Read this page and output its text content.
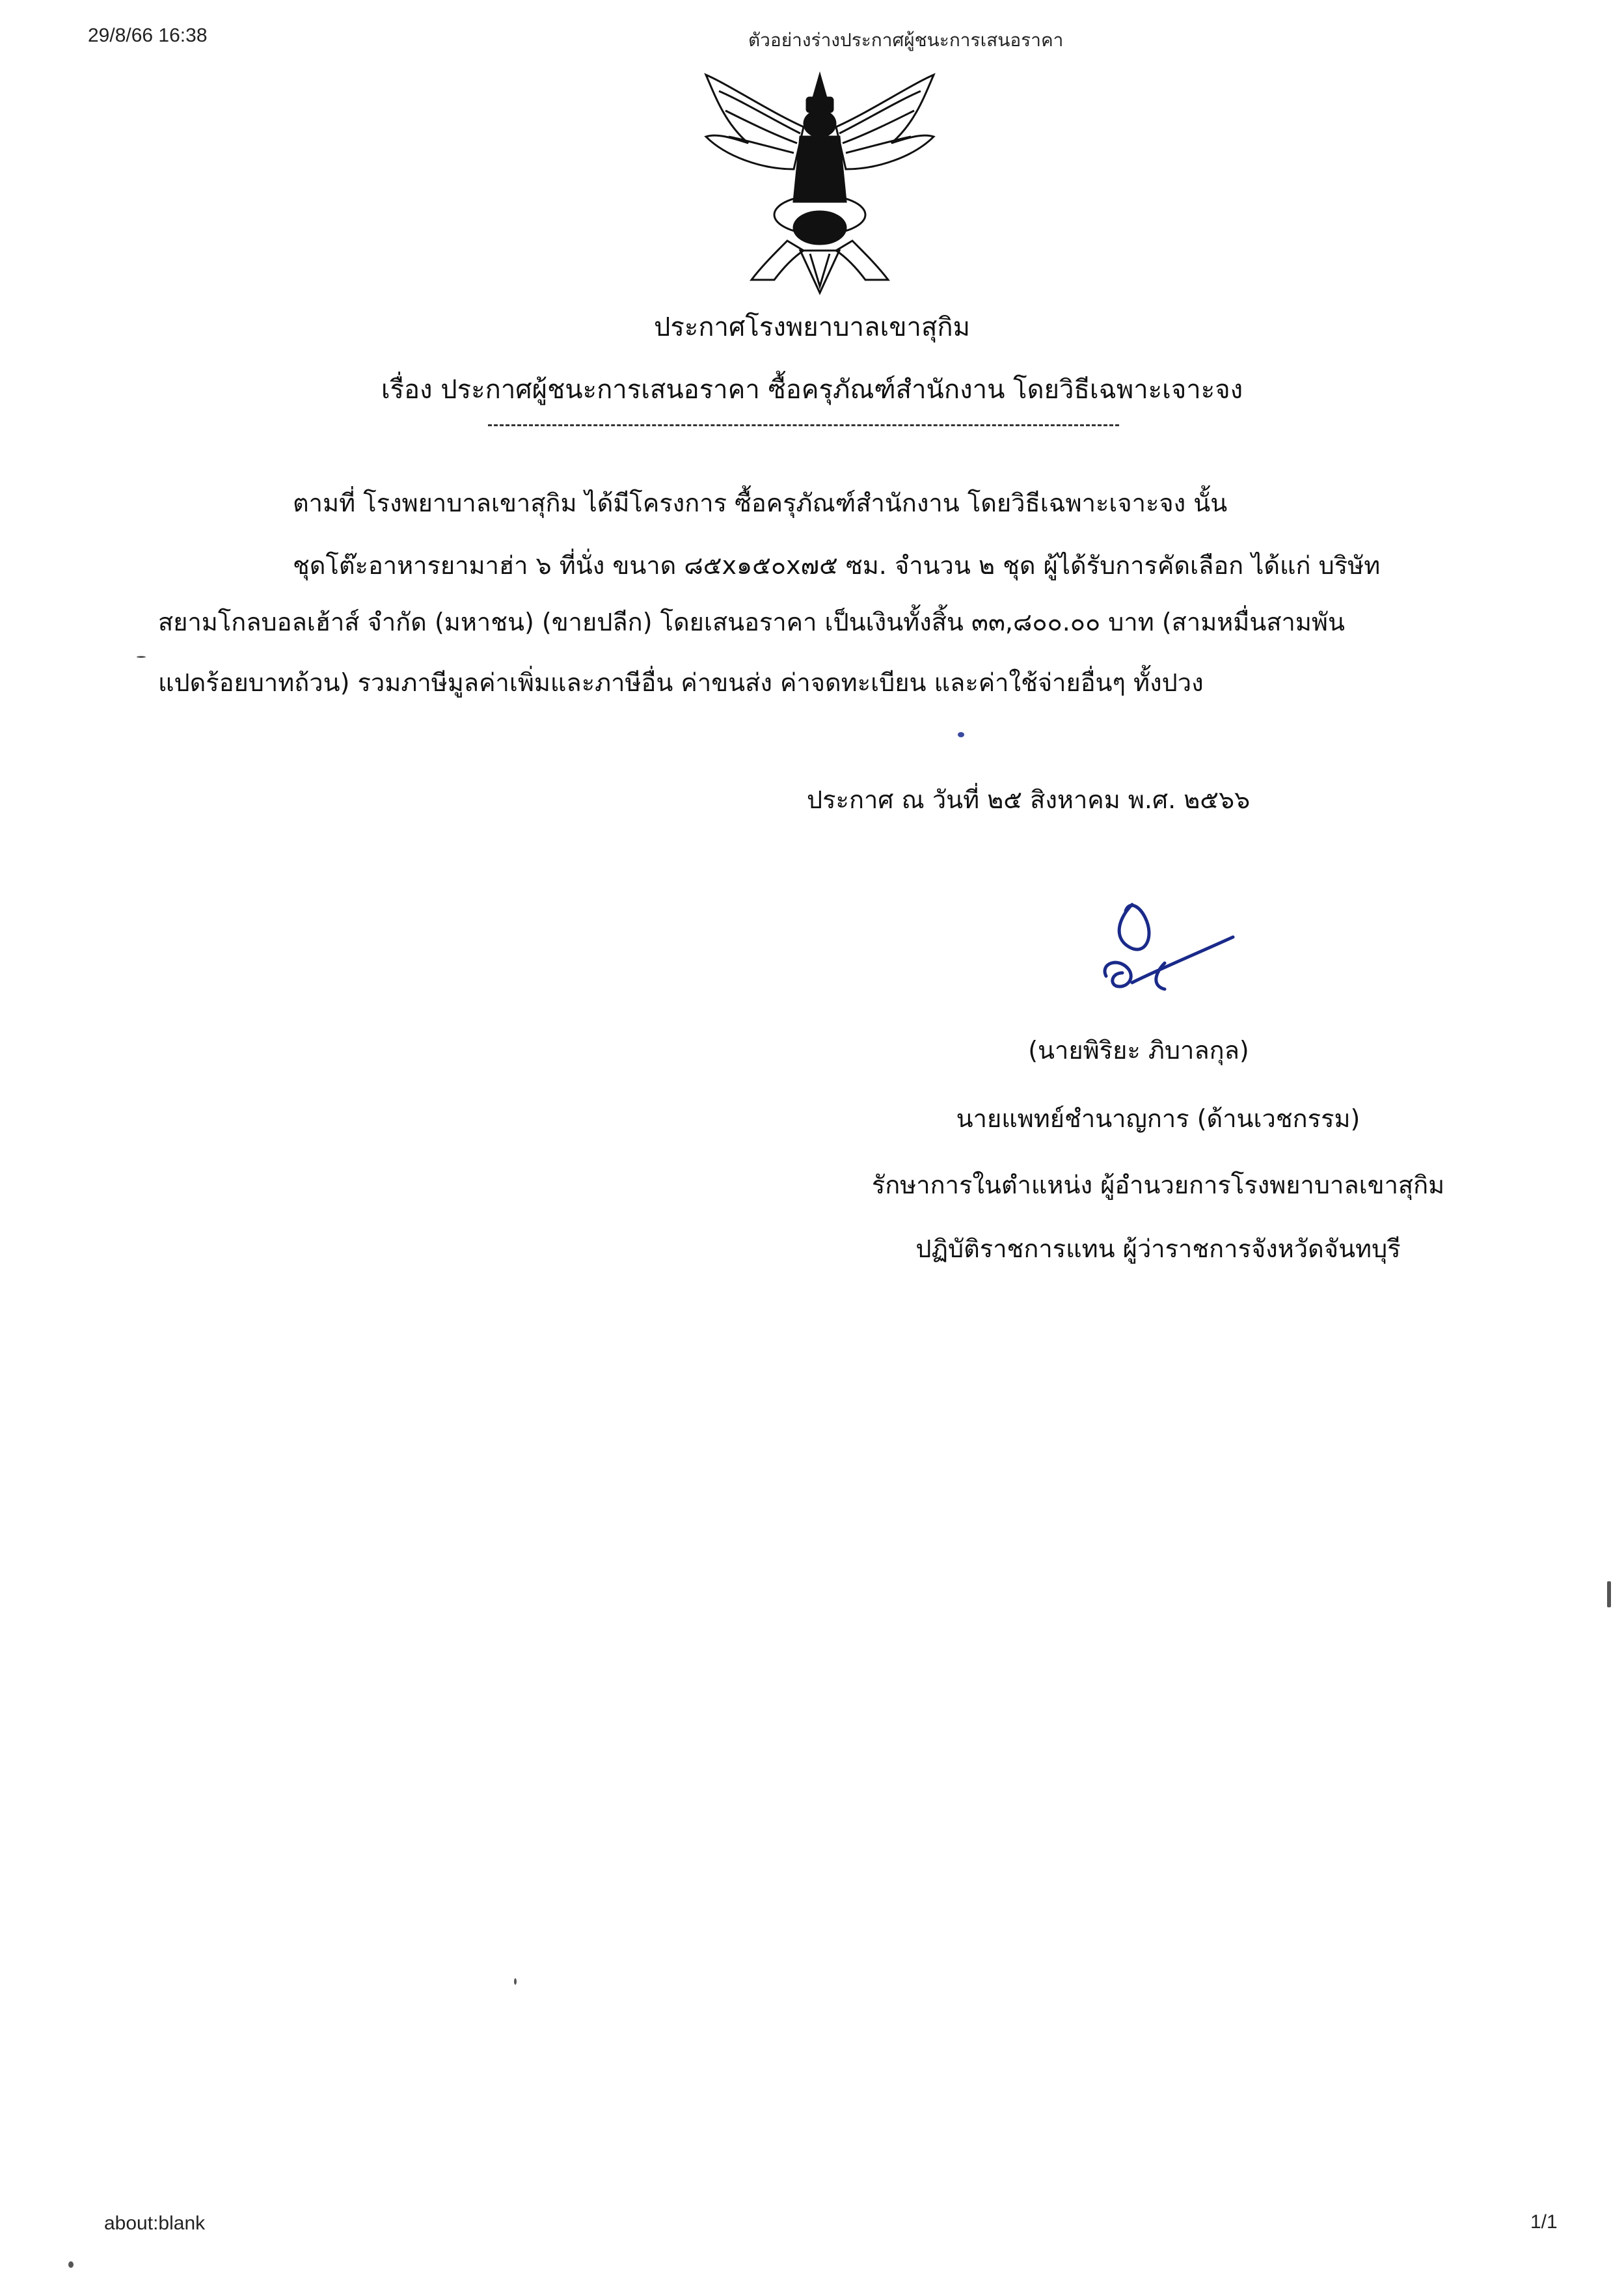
29/8/66 16:38	ตัวอย่างร่างประกาศผู้ชนะการเสนอราคา
ประกาศโรงพยาบาลเขาสุกิม
เรื่อง ประกาศผู้ชนะการเสนอราคา ซื้อครุภัณฑ์สำนักงาน โดยวิธีเฉพาะเจาะจง
ตามที่ โรงพยาบาลเขาสุกิม ได้มีโครงการ ซื้อครุภัณฑ์สำนักงาน โดยวิธีเฉพาะเจาะจง นั้น
ชุดโต๊ะอาหารยามาฮ่า ๖ ที่นั่ง ขนาด ๘๕x๑๕๐x๗๕ ซม. จำนวน ๒ ชุด ผู้ได้รับการคัดเลือก ได้แก่ บริษัท
สยามโกลบอลเฮ้าส์ จำกัด (มหาชน) (ขายปลีก) โดยเสนอราคา เป็นเงินทั้งสิ้น ๓๓,๘๐๐.๐๐ บาท (สามหมื่นสามพัน
แปดร้อยบาทถ้วน) รวมภาษีมูลค่าเพิ่มและภาษีอื่น ค่าขนส่ง ค่าจดทะเบียน และค่าใช้จ่ายอื่นๆ ทั้งปวง
ประกาศ ณ วันที่ ๒๕ สิงหาคม พ.ศ. ๒๕๖๖
(นายพิริยะ ภิบาลกุล)
นายแพทย์ชำนาญการ (ด้านเวชกรรม)
รักษาการในตำแหน่ง ผู้อำนวยการโรงพยาบาลเขาสุกิม
ปฏิบัติราชการแทน ผู้ว่าราชการจังหวัดจันทบุรี
about:blank	1/1
